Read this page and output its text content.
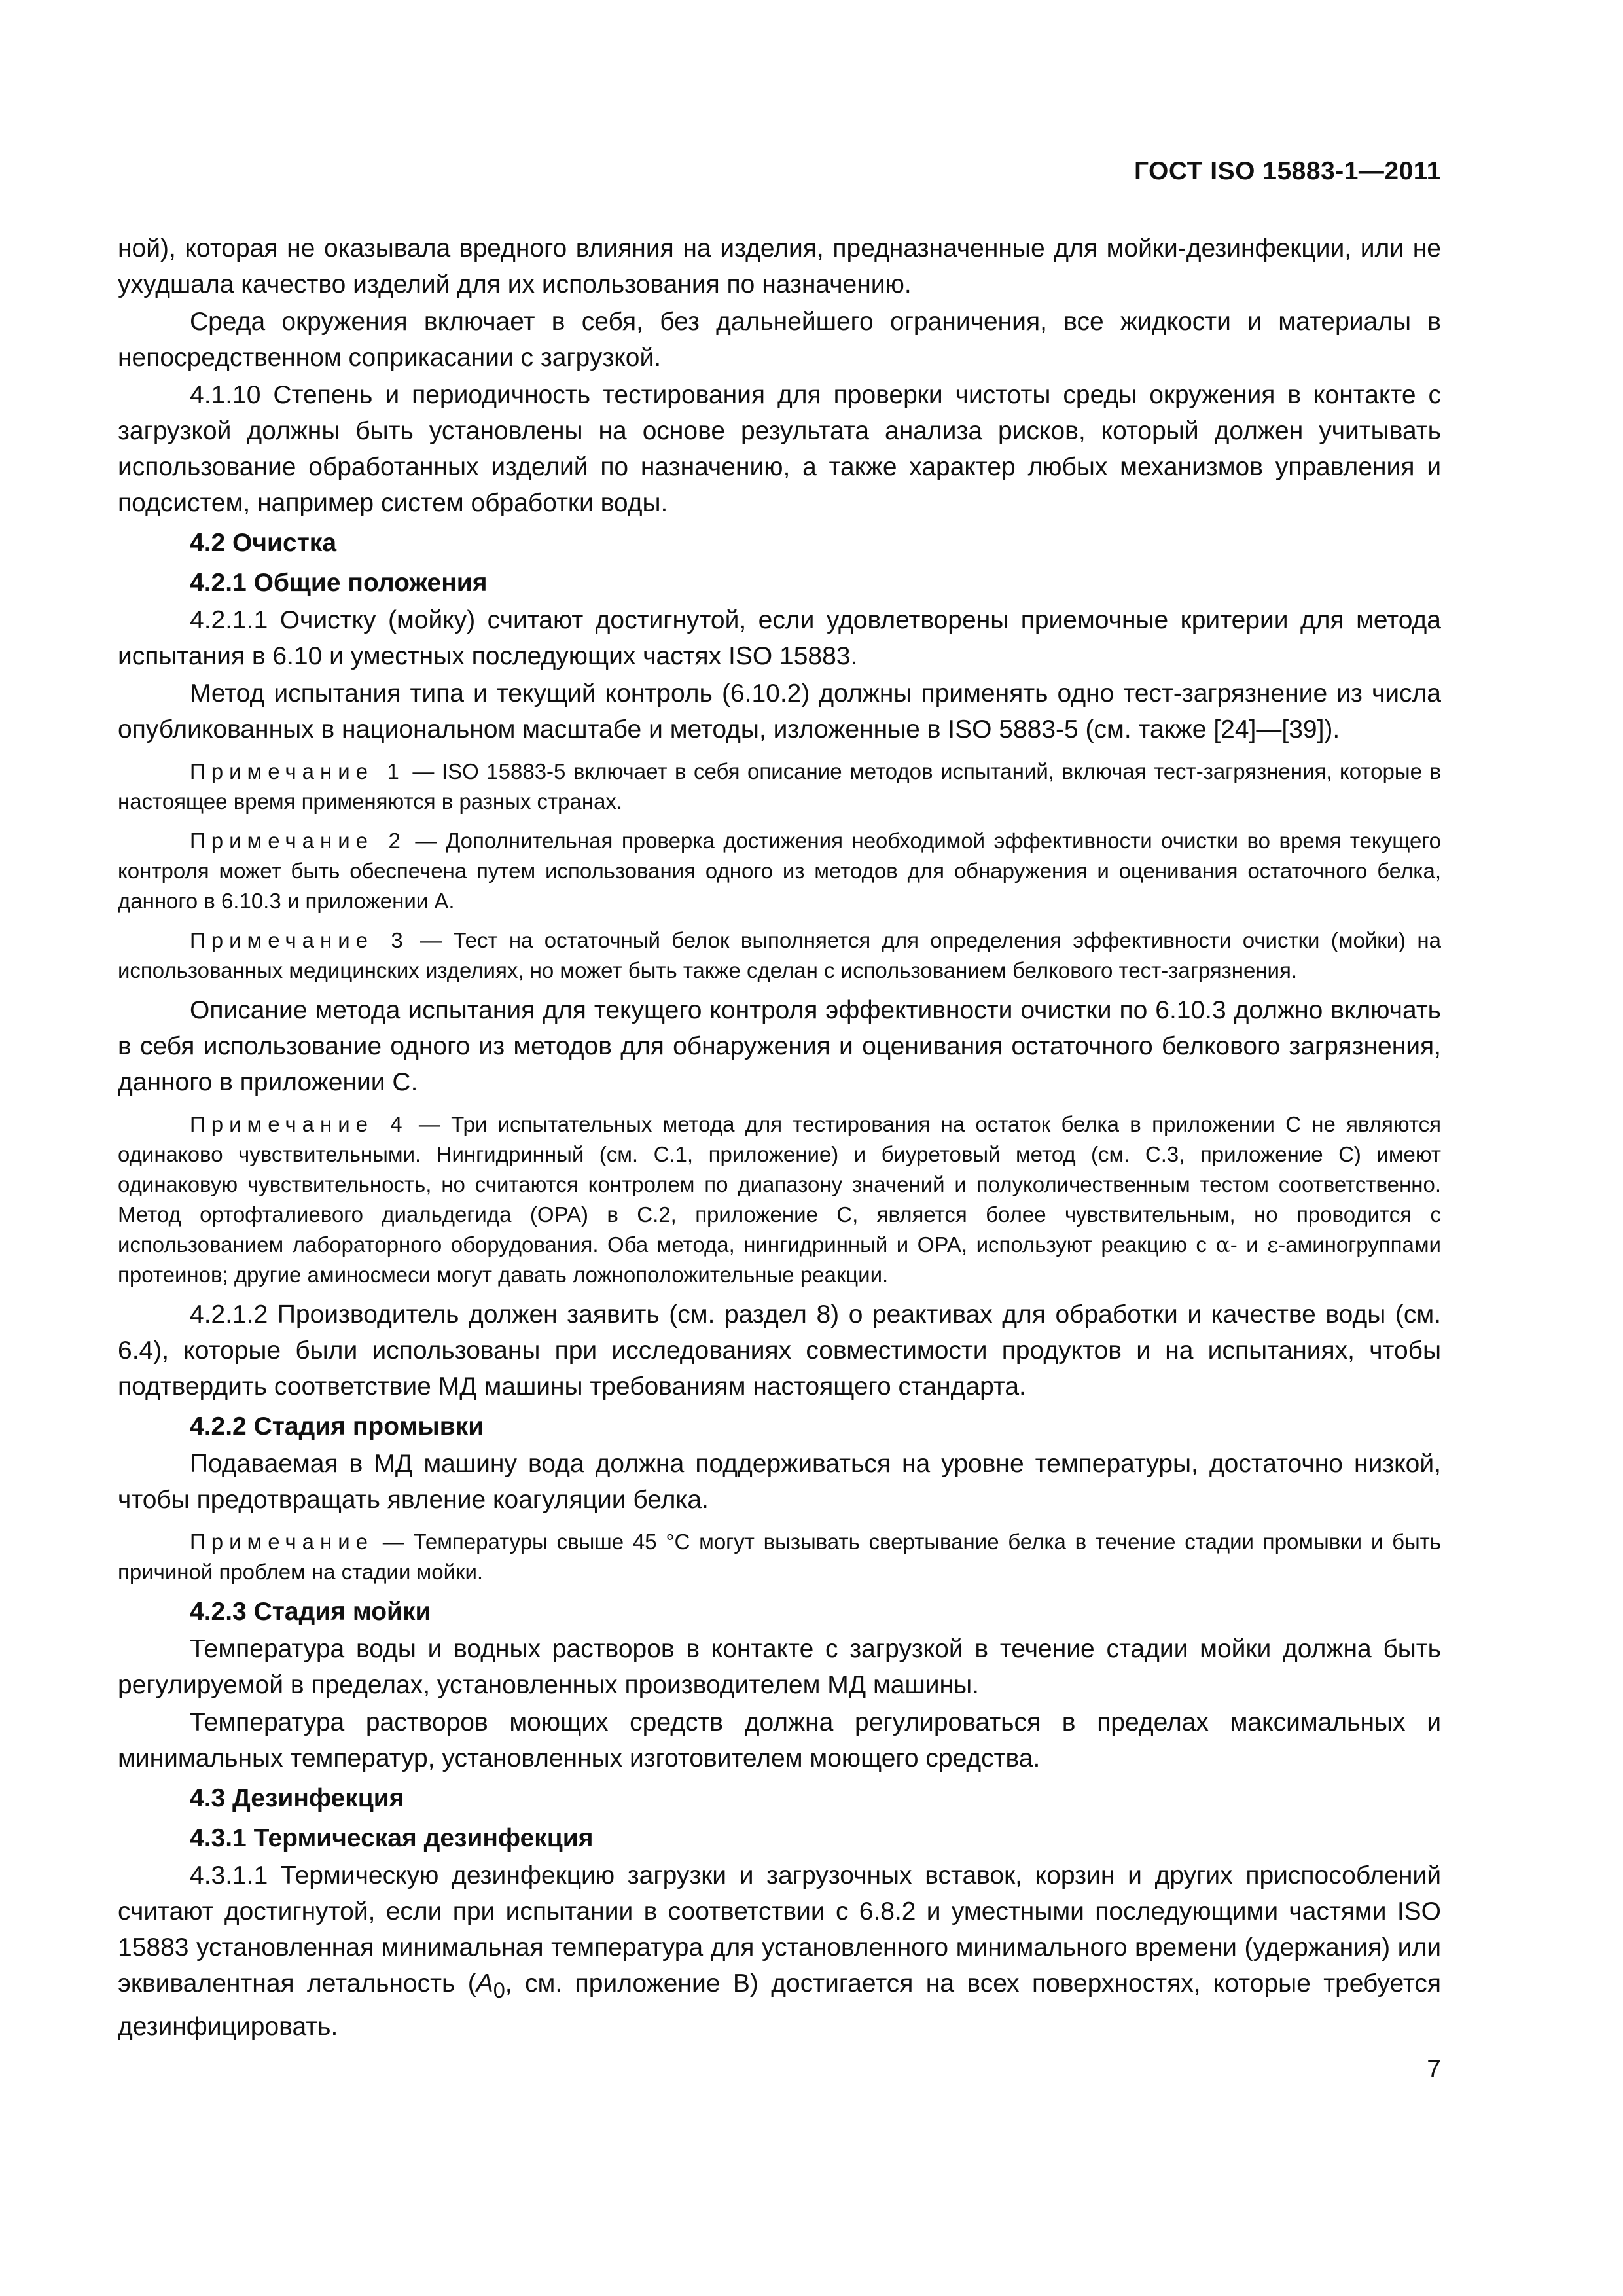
ГОСТ ISO 15883-1—2011

ной), которая не оказывала вредного влияния на изделия, предназначенные для мойки-дезинфекции, или не ухудшала качество изделий для их использования по назначению.

Среда окружения включает в себя, без дальнейшего ограничения, все жидкости и материалы в непосредственном соприкасании с загрузкой.

4.1.10 Степень и периодичность тестирования для проверки чистоты среды окружения в контакте с загрузкой должны быть установлены на основе результата анализа рисков, который должен учитывать использование обработанных изделий по назначению, а также характер любых механизмов управления и подсистем, например систем обработки воды.

4.2 Очистка

4.2.1 Общие положения

4.2.1.1 Очистку (мойку) считают достигнутой, если удовлетворены приемочные критерии для метода испытания в 6.10 и уместных последующих частях ISO 15883.

Метод испытания типа и текущий контроль (6.10.2) должны применять одно тест-загрязнение из числа опубликованных в национальном масштабе и методы, изложенные в ISO 5883-5 (см. также [24]—[39]).

Примечание 1 — ISO 15883-5 включает в себя описание методов испытаний, включая тест-загрязнения, которые в настоящее время применяются в разных странах.

Примечание 2 — Дополнительная проверка достижения необходимой эффективности очистки во время текущего контроля может быть обеспечена путем использования одного из методов для обнаружения и оценивания остаточного белка, данного в 6.10.3 и приложении А.

Примечание 3 — Тест на остаточный белок выполняется для определения эффективности очистки (мойки) на использованных медицинских изделиях, но может быть также сделан с использованием белкового тест-загрязнения.

Описание метода испытания для текущего контроля эффективности очистки по 6.10.3 должно включать в себя использование одного из методов для обнаружения и оценивания остаточного белкового загрязнения, данного в приложении С.

Примечание 4 — Три испытательных метода для тестирования на остаток белка в приложении С не являются одинаково чувствительными. Нингидринный (см. С.1, приложение) и биуретовый метод (см. С.3, приложение С) имеют одинаковую чувствительность, но считаются контролем по диапазону значений и полуколичественным тестом соответственно. Метод ортофталиевого диальдегида (OPA) в С.2, приложение С, является более чувствительным, но проводится с использованием лабораторного оборудования. Оба метода, нингидринный и OPA, используют реакцию с α- и ε-аминогруппами протеинов; другие аминосмеси могут давать ложноположительные реакции.

4.2.1.2 Производитель должен заявить (см. раздел 8) о реактивах для обработки и качестве воды (см. 6.4), которые были использованы при исследованиях совместимости продуктов и на испытаниях, чтобы подтвердить соответствие МД машины требованиям настоящего стандарта.

4.2.2 Стадия промывки

Подаваемая в МД машину вода должна поддерживаться на уровне температуры, достаточно низкой, чтобы предотвращать явление коагуляции белка.

Примечание — Температуры свыше 45 °С могут вызывать свертывание белка в течение стадии промывки и быть причиной проблем на стадии мойки.

4.2.3 Стадия мойки

Температура воды и водных растворов в контакте с загрузкой в течение стадии мойки должна быть регулируемой в пределах, установленных производителем МД машины.

Температура растворов моющих средств должна регулироваться в пределах максимальных и минимальных температур, установленных изготовителем моющего средства.

4.3 Дезинфекция

4.3.1 Термическая дезинфекция

4.3.1.1 Термическую дезинфекцию загрузки и загрузочных вставок, корзин и других приспособлений считают достигнутой, если при испытании в соответствии с 6.8.2 и уместными последующими частями ISO 15883 установленная минимальная температура для установленного минимального времени (удержания) или эквивалентная летальность ($A_0$, см. приложение В) достигается на всех поверхностях, которые требуется дезинфицировать.

7
